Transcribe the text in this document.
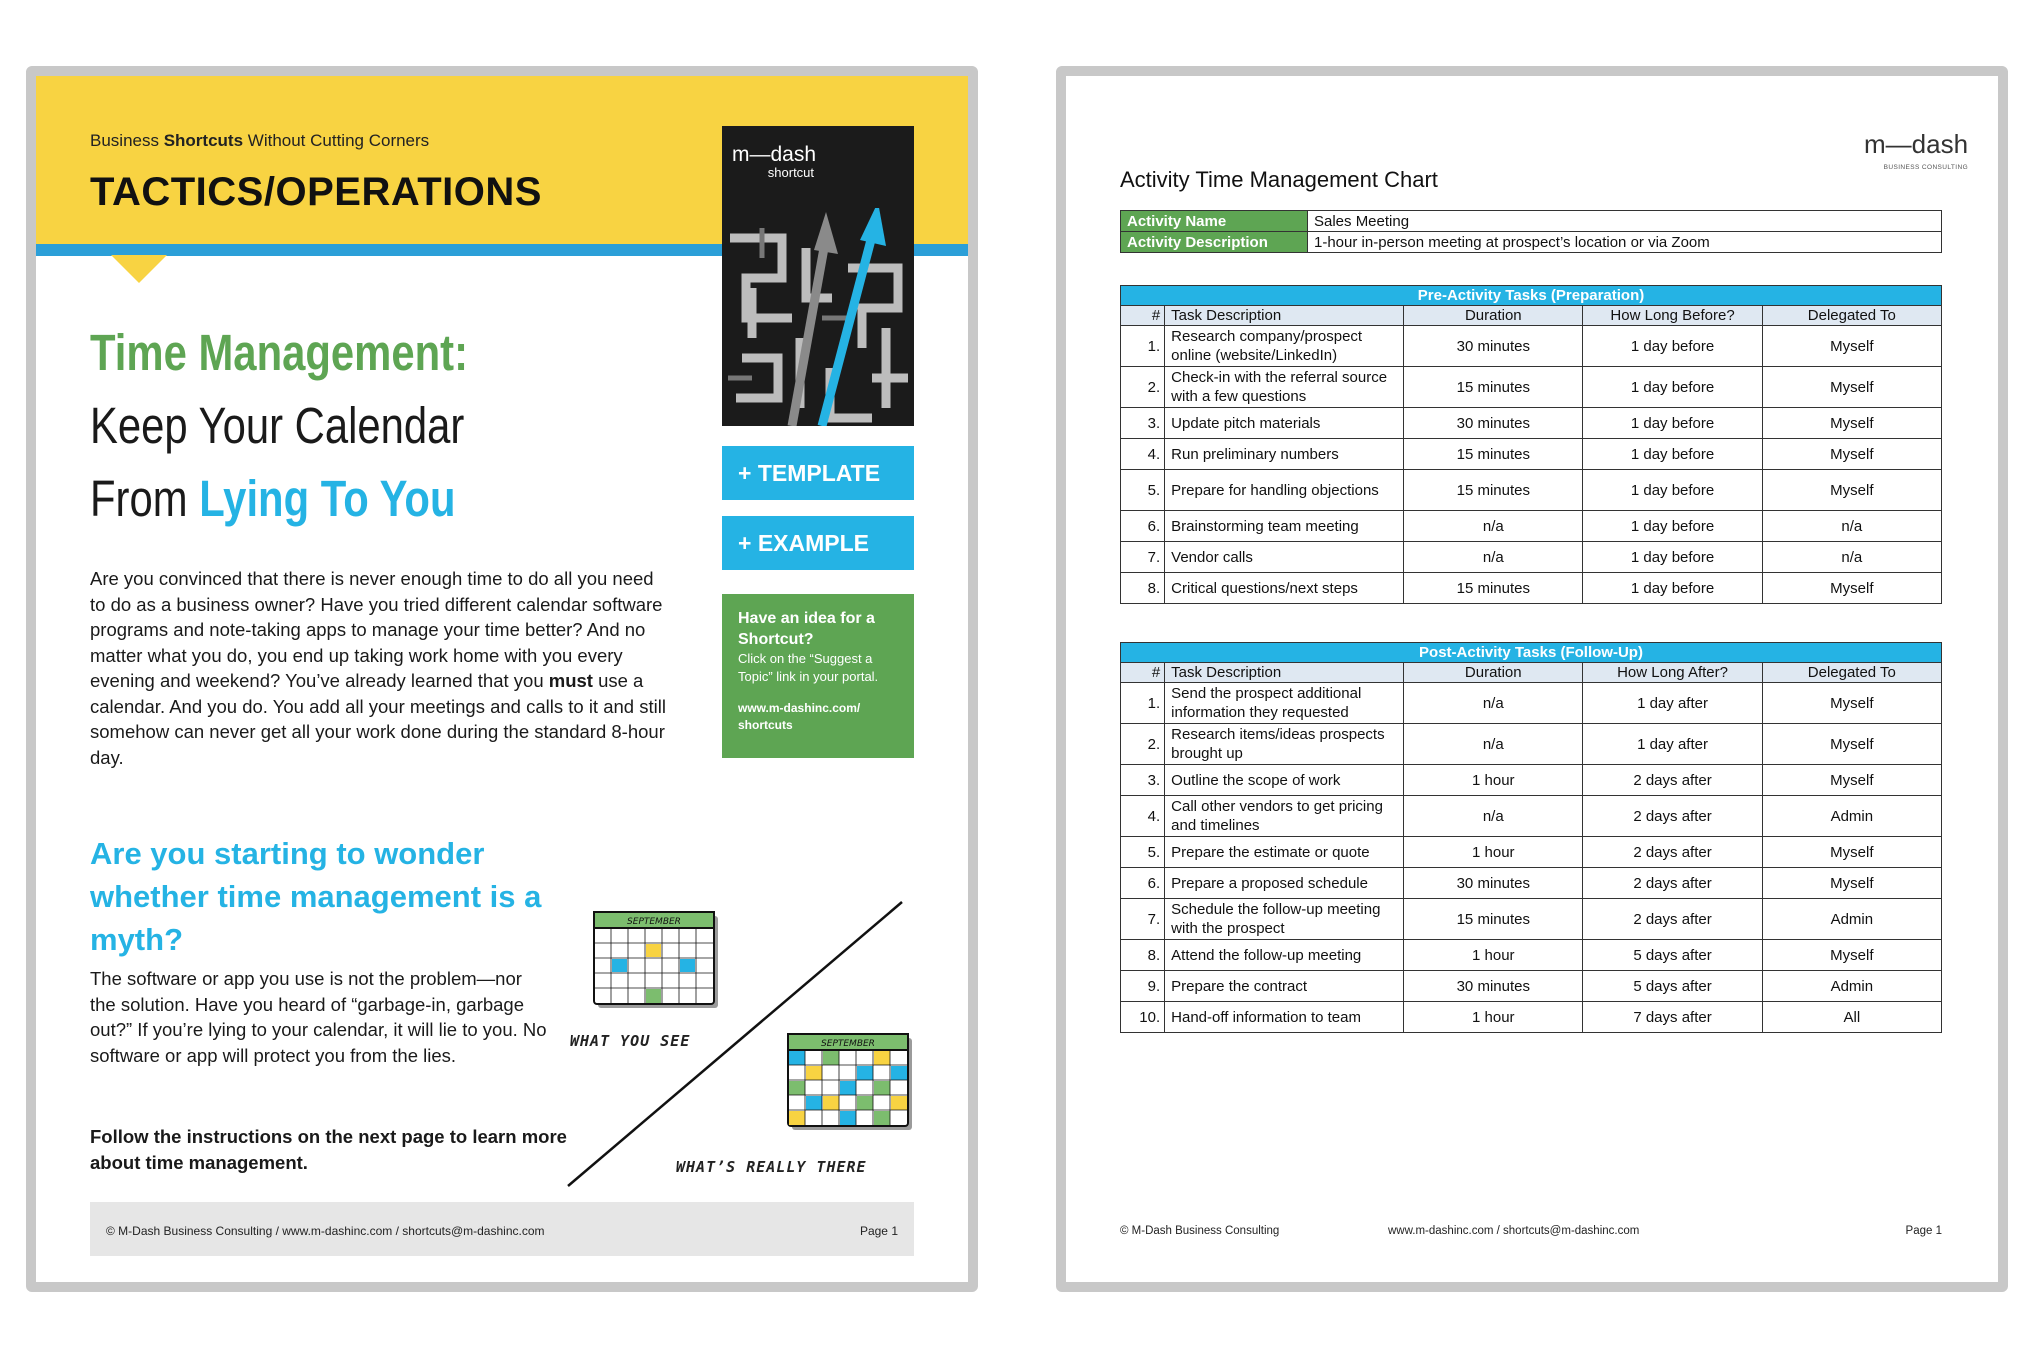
Business Shortcuts Without Cutting Corners
TACTICS/OPERATIONS
m—dash
shortcut
+ TEMPLATE
+ EXAMPLE
Have an idea for a Shortcut?
Click on the “Suggest a Topic” link in your portal.
www.m-dashinc.com/ shortcuts
Time Management:
Keep Your Calendar
From Lying To You
Are you convinced that there is never enough time to do all you need to do as a business owner? Have you tried different calendar software programs and note-taking apps to manage your time better? And no matter what you do, you end up taking work home with you every evening and weekend? You’ve already learned that you must use a calendar. And you do. You add all your meetings and calls to it and still somehow can never get all your work done during the standard 8-hour day.
Are you starting to wonder whether time management is a myth?
The software or app you use is not the problem—nor the solution. Have you heard of “garbage-in, garbage out?” If you’re lying to your calendar, it will lie to you. No software or app will protect you from the lies.
Follow the instructions on the next page to learn more about time management.
SEPTEMBER
WHAT YOU SEE	SEPTEMBER
WHAT’S REALLY THERE
© M-Dash Business Consulting / www.m-dashinc.com / shortcuts@m-dashinc.com	Page 1
m—dash
BUSINESS CONSULTING
Activity Time Management Chart
Activity Name	Sales Meeting
Activity Description	1-hour in-person meeting at prospect’s location or via Zoom
Pre-Activity Tasks (Preparation)				
#	Task Description	Duration	How Long Before?	Delegated To
1.	Research company/prospect online (website/LinkedIn)	30 minutes	1 day before	Myself
2.	Check-in with the referral source with a few questions	15 minutes	1 day before	Myself
3.	Update pitch materials	30 minutes	1 day before	Myself
4.	Run preliminary numbers	15 minutes	1 day before	Myself
5.	Prepare for handling objections	15 minutes	1 day before	Myself
6.	Brainstorming team meeting	n/a	1 day before	n/a
7.	Vendor calls	n/a	1 day before	n/a
8.	Critical questions/next steps	15 minutes	1 day before	Myself
Post-Activity Tasks (Follow-Up)				
#	Task Description	Duration	How Long After?	Delegated To
1.	Send the prospect additional information they requested	n/a	1 day after	Myself
2.	Research items/ideas prospects brought up	n/a	1 day after	Myself
3.	Outline the scope of work	1 hour	2 days after	Myself
4.	Call other vendors to get pricing and timelines	n/a	2 days after	Admin
5.	Prepare the estimate or quote	1 hour	2 days after	Myself
6.	Prepare a proposed schedule	30 minutes	2 days after	Myself
7.	Schedule the follow-up meeting with the prospect	15 minutes	2 days after	Admin
8.	Attend the follow-up meeting	1 hour	5 days after	Myself
9.	Prepare the contract	30 minutes	5 days after	Admin
10.	Hand-off information to team	1 hour	7 days after	All
© M-Dash Business Consulting	www.m-dashinc.com / shortcuts@m-dashinc.com	Page 1
